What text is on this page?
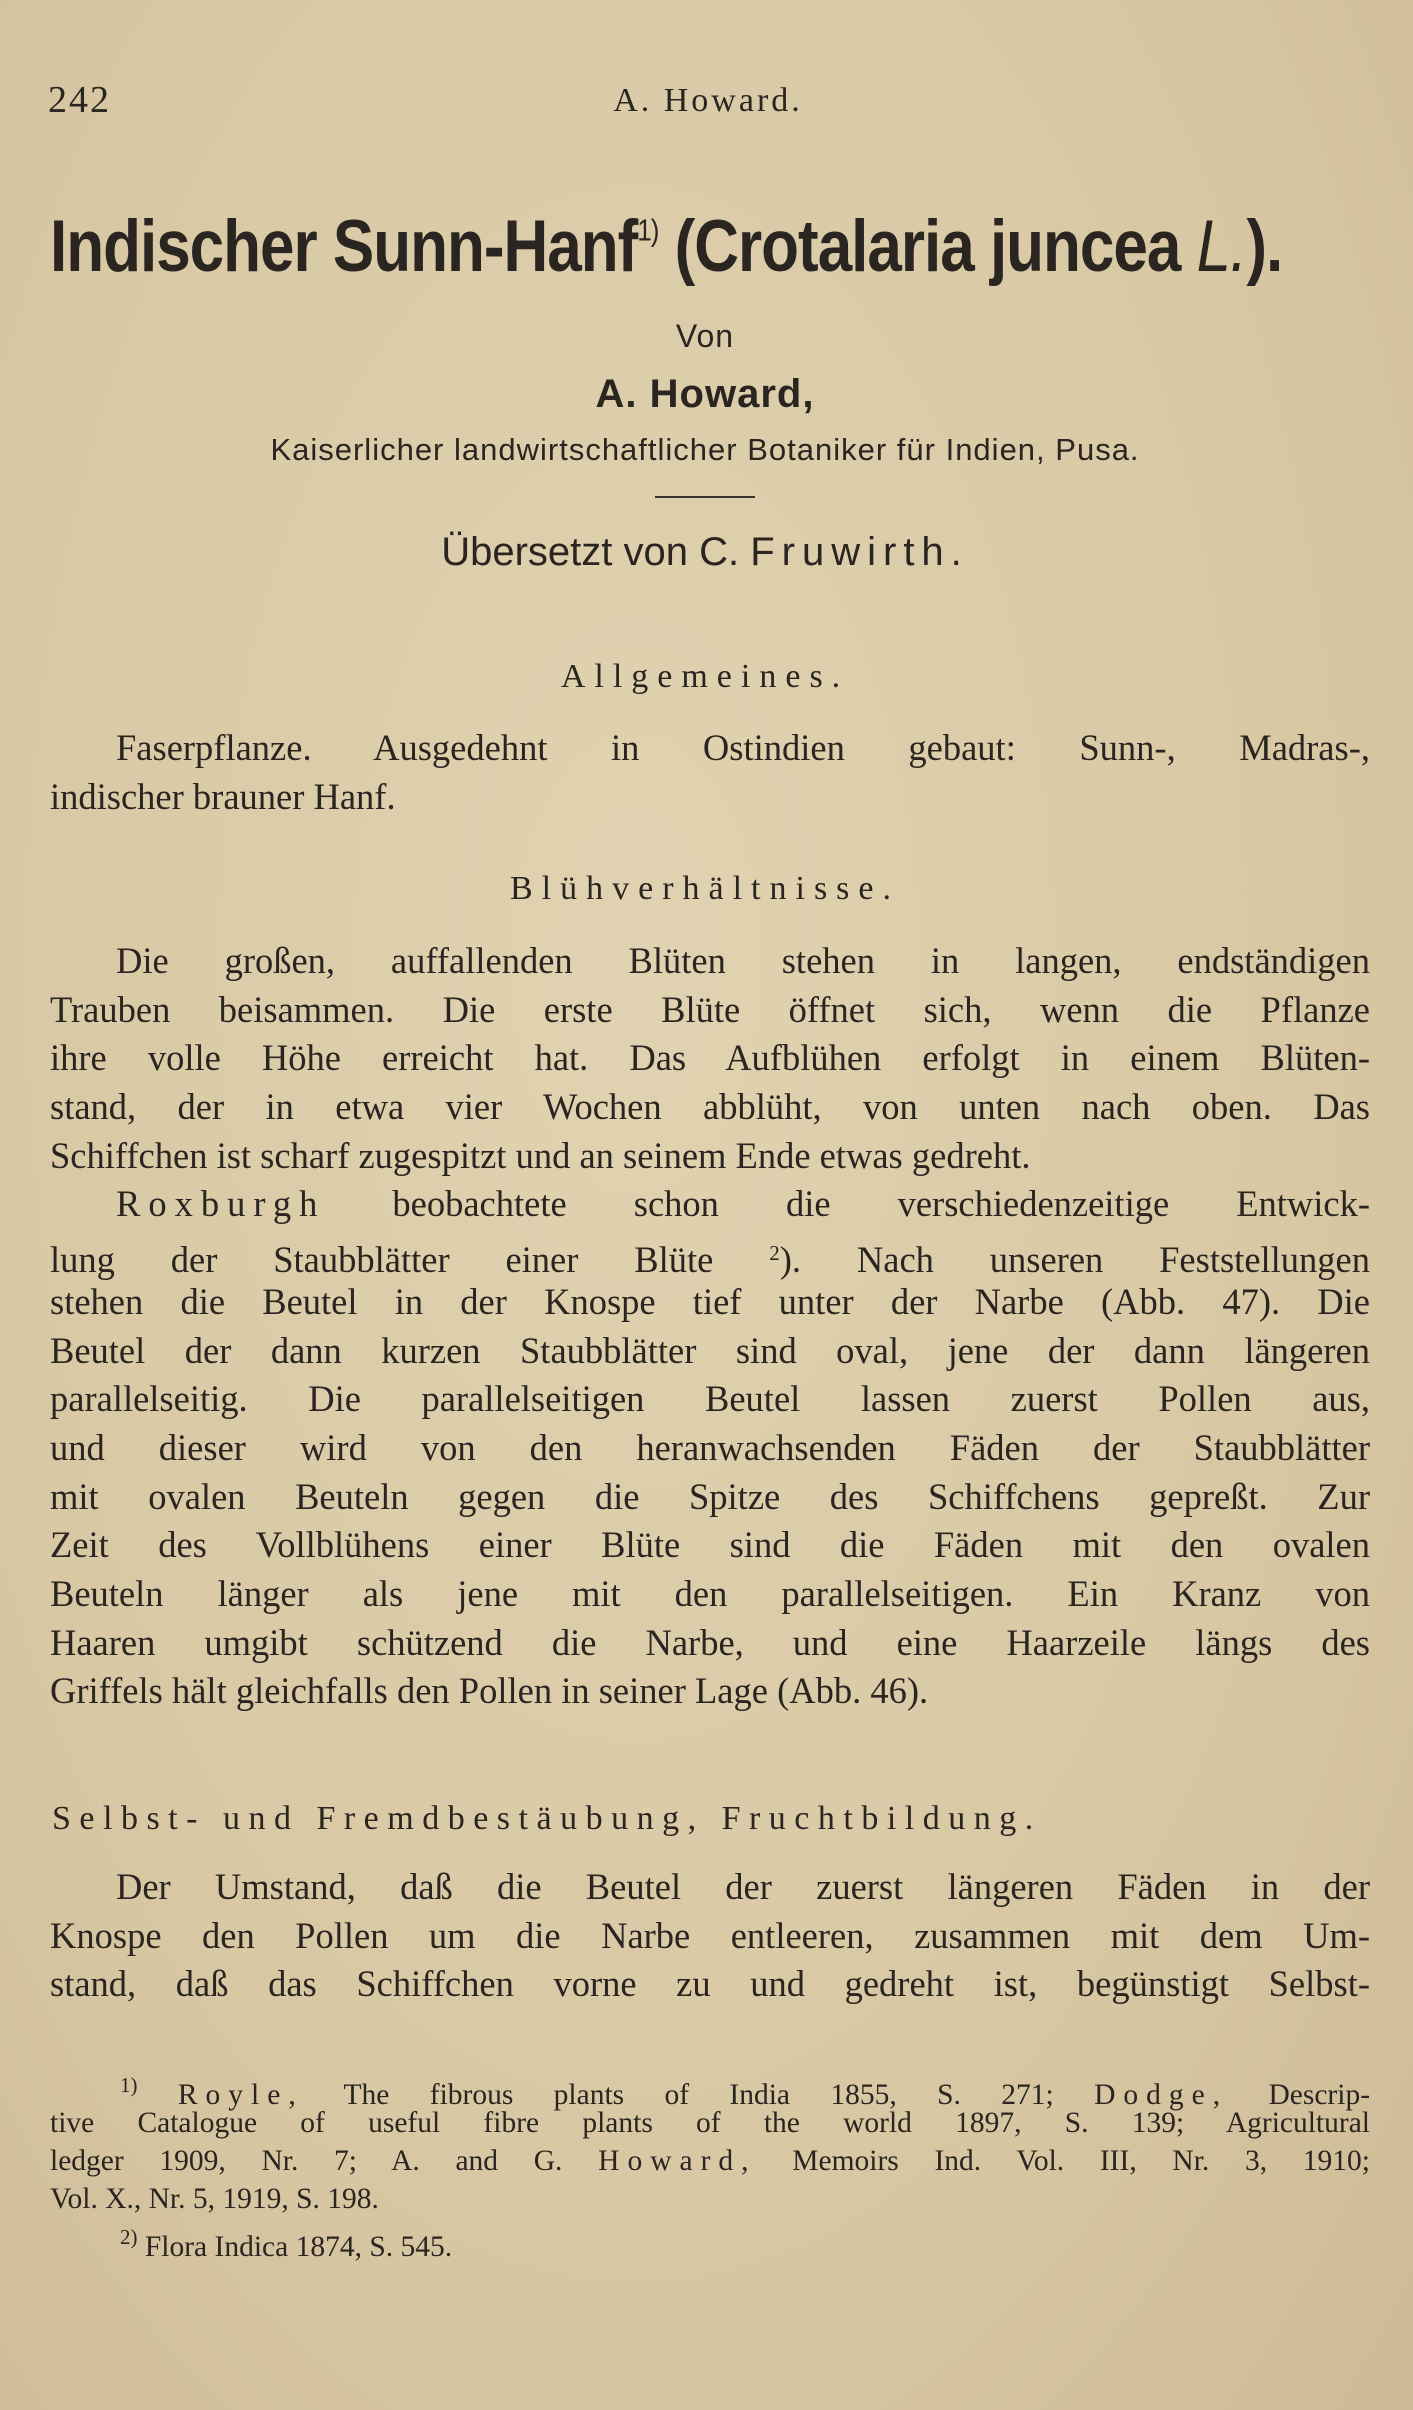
242	A. Howard.
Indischer Sunn-Hanf$^{1)}$ (Crotalaria juncea L.).
Von
A. Howard,
Kaiserlicher landwirtschaftlicher Botaniker für Indien, Pusa.
Übersetzt von C. Fruwirth.
Allgemeines.
Faserpflanze. Ausgedehnt in Ostindien gebaut: Sunn-, Madras-,
indischer brauner Hanf.
Blühverhältnisse.
Die großen, auffallenden Blüten stehen in langen, endständigen
Trauben beisammen. Die erste Blüte öffnet sich, wenn die Pflanze
ihre volle Höhe erreicht hat. Das Aufblühen erfolgt in einem Blüten-
stand, der in etwa vier Wochen abblüht, von unten nach oben. Das
Schiffchen ist scharf zugespitzt und an seinem Ende etwas gedreht.
Roxburgh beobachtete schon die verschiedenzeitige Entwick-
lung der Staubblätter einer Blüte	$^2$). Nach unseren Feststellungen
stehen die Beutel in der Knospe tief unter der Narbe (Abb. 47). Die
Beutel der dann kurzen Staubblätter sind oval, jene der dann längeren
parallelseitig. Die parallelseitigen Beutel lassen zuerst Pollen aus,
und dieser wird von den heranwachsenden Fäden der Staubblätter
mit ovalen Beuteln gegen die Spitze des Schiffchens gepreßt. Zur
Zeit des Vollblühens einer Blüte sind die Fäden mit den ovalen
Beuteln länger als jene mit den parallelseitigen. Ein Kranz von
Haaren umgibt schützend die Narbe, und eine Haarzeile längs des
Griffels hält gleichfalls den Pollen in seiner Lage (Abb. 46).
Selbst- und Fremdbestäubung, Fruchtbildung.
Der Umstand, daß die Beutel der zuerst längeren Fäden in der
Knospe den Pollen um die Narbe entleeren, zusammen mit dem Um-
stand, daß das Schiffchen vorne zu und gedreht ist, begünstigt Selbst-
$^{1)}$ Royle, The fibrous plants of India 1855, S. 271; Dodge, Descrip-
tive Catalogue of useful fibre plants of the world 1897, S. 139; Agricultural
ledger 1909, Nr. 7; A. and G. Howard, Memoirs Ind. Vol. III, Nr. 3, 1910;
Vol. X., Nr. 5, 1919, S. 198.
$^{2)}$ Flora Indica 1874, S. 545.
